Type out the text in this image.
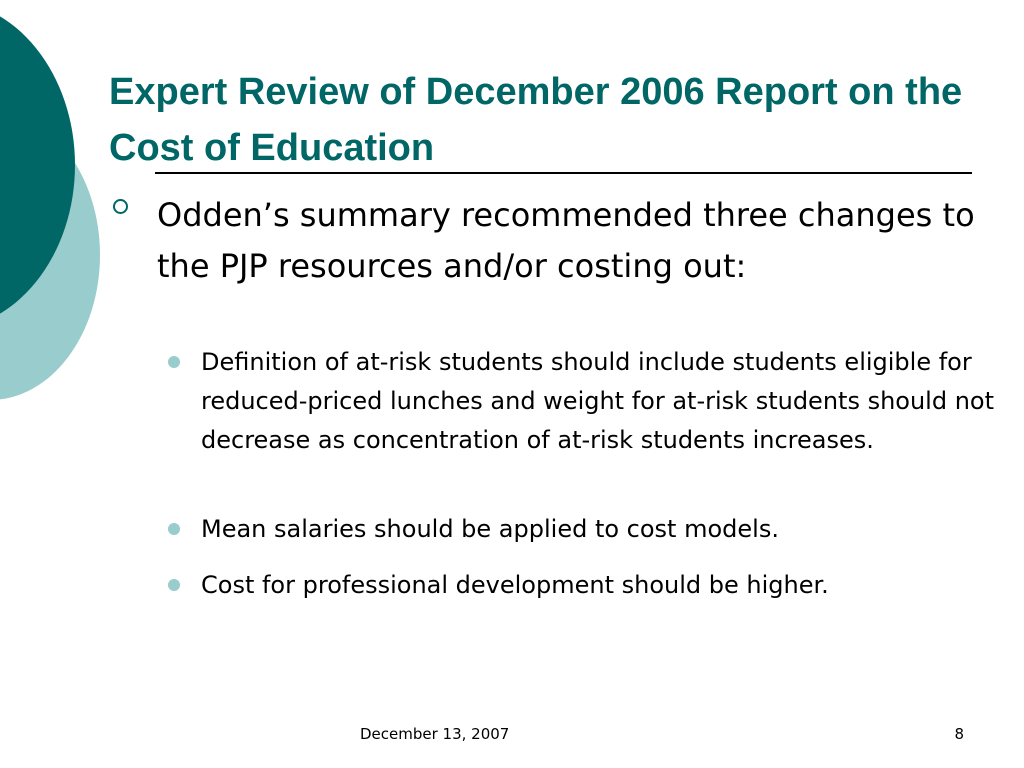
Expert Review of December 2006 Report on the Cost of Education
Odden’s summary recommended three changes to the PJP resources and/or costing out:
Definition of at-risk students should include students eligible for reduced-priced lunches and weight for at-risk students should not decrease as concentration of at-risk students increases.
Mean salaries should be applied to cost models.
Cost for professional development should be higher.
December 13, 2007	8
